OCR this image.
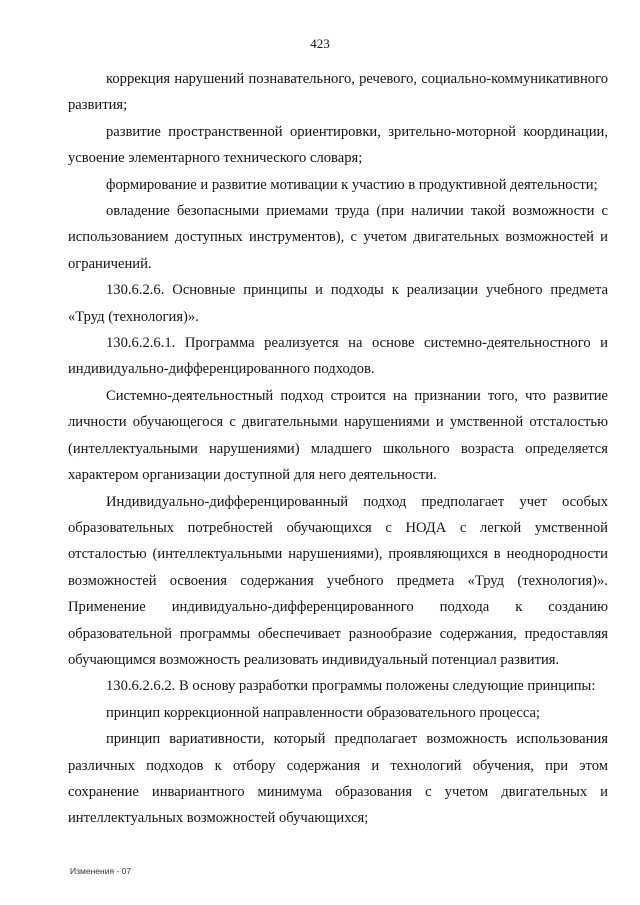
423

коррекция нарушений познавательного, речевого, социально-коммуникативного развития;

развитие пространственной ориентировки, зрительно-моторной координации, усвоение элементарного технического словаря;

формирование и развитие мотивации к участию в продуктивной деятельности;

овладение безопасными приемами труда (при наличии такой возможности с использованием доступных инструментов), с учетом двигательных возможностей и ограничений.

130.6.2.6. Основные принципы и подходы к реализации учебного предмета «Труд (технология)».

130.6.2.6.1. Программа реализуется на основе системно-деятельностного и индивидуально-дифференцированного подходов.

Системно-деятельностный подход строится на признании того, что развитие личности обучающегося с двигательными нарушениями и умственной отсталостью (интеллектуальными нарушениями) младшего школьного возраста определяется характером организации доступной для него деятельности.

Индивидуально-дифференцированный подход предполагает учет особых образовательных потребностей обучающихся с НОДА с легкой умственной отсталостью (интеллектуальными нарушениями), проявляющихся в неоднородности возможностей освоения содержания учебного предмета «Труд (технология)». Применение индивидуально-дифференцированного подхода к созданию образовательной программы обеспечивает разнообразие содержания, предоставляя обучающимся возможность реализовать индивидуальный потенциал развития.

130.6.2.6.2. В основу разработки программы положены следующие принципы:

принцип коррекционной направленности образовательного процесса;

принцип вариативности, который предполагает возможность использования различных подходов к отбору содержания и технологий обучения, при этом сохранение инвариантного минимума образования с учетом двигательных и интеллектуальных возможностей обучающихся;

Изменения - 07
